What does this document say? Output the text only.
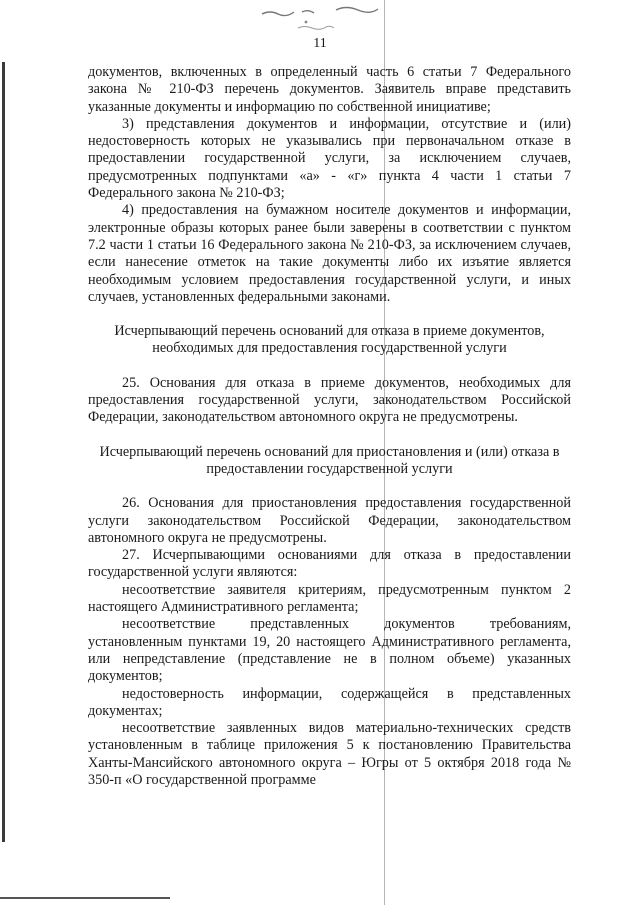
11

документов, включенных в определенный часть 6 статьи 7 Федерального закона № 210-ФЗ перечень документов. Заявитель вправе представить указанные документы и информацию по собственной инициативе;

3) представления документов и информации, отсутствие и (или) недостоверность которых не указывались при первоначальном отказе в предоставлении государственной услуги, за исключением случаев, предусмотренных подпунктами «а» - «г» пункта 4 части 1 статьи 7 Федерального закона № 210-ФЗ;

4) предоставления на бумажном носителе документов и информации, электронные образы которых ранее были заверены в соответствии с пунктом 7.2 части 1 статьи 16 Федерального закона № 210-ФЗ, за исключением случаев, если нанесение отметок на такие документы либо их изъятие является необходимым условием предоставления государственной услуги, и иных случаев, установленных федеральными законами.

Исчерпывающий перечень оснований для отказа в приеме документов, необходимых для предоставления государственной услуги

25. Основания для отказа в приеме документов, необходимых для предоставления государственной услуги, законодательством Российской Федерации, законодательством автономного округа не предусмотрены.

Исчерпывающий перечень оснований для приостановления и (или) отказа в предоставлении государственной услуги

26. Основания для приостановления предоставления государственной услуги законодательством Российской Федерации, законодательством автономного округа не предусмотрены.

27. Исчерпывающими основаниями для отказа в предоставлении государственной услуги являются:

несоответствие заявителя критериям, предусмотренным пунктом 2 настоящего Административного регламента;

несоответствие представленных документов требованиям, установленным пунктами 19, 20 настоящего Административного регламента, или непредставление (представление не в полном объеме) указанных документов;

недостоверность информации, содержащейся в представленных документах;

несоответствие заявленных видов материально-технических средств установленным в таблице приложения 5 к постановлению Правительства Ханты-Мансийского автономного округа – Югры от 5 октября 2018 года № 350-п «О государственной программе
